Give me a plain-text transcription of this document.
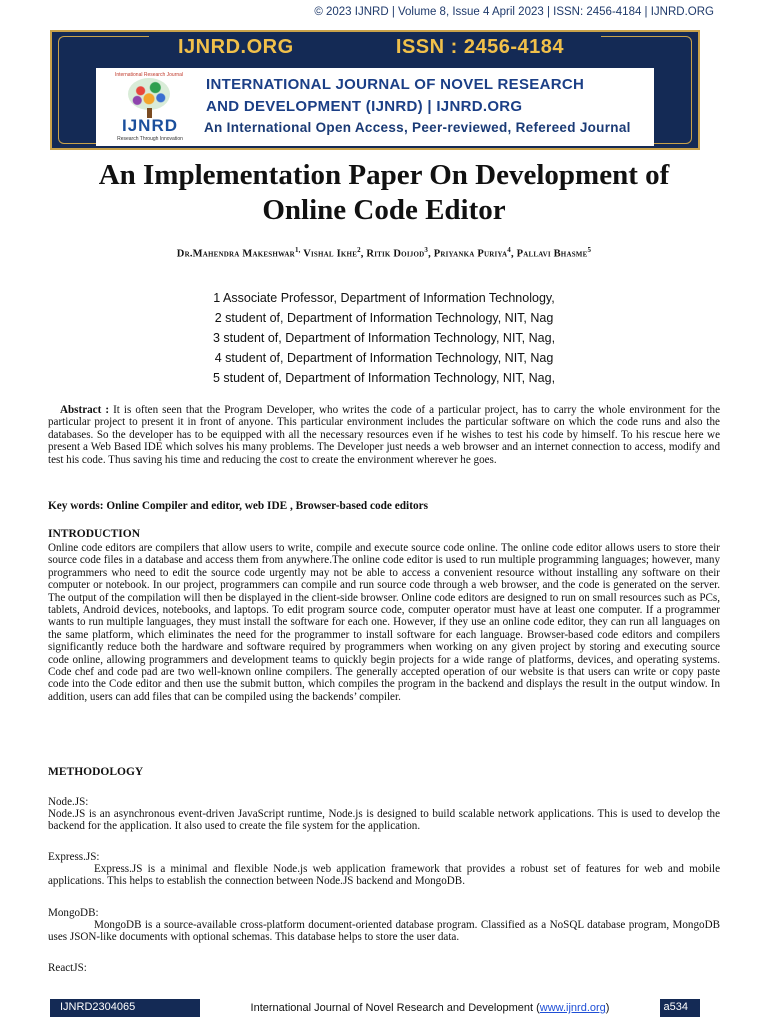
© 2023 IJNRD | Volume 8, Issue 4 April 2023 | ISSN: 2456-4184 | IJNRD.ORG
IJNRD.ORG	ISSN : 2456-4184
International Research Journal
IJNRD
Research Through Innovation
INTERNATIONAL JOURNAL OF NOVEL RESEARCH
AND DEVELOPMENT (IJNRD) | IJNRD.ORG
An International Open Access, Peer-reviewed, Refereed Journal
An Implementation Paper On Development of
Online Code Editor
Dr.Mahendra Makeshwar$^{1,}$ Vishal Ikhe$^2$, Ritik Doijod$^3$, Priyanka Puriya$^4$, Pallavi Bhasme$^5$
1 Associate Professor, Department of Information Technology,
2 student of, Department of Information Technology, NIT, Nag
3 student of, Department of Information Technology, NIT, Nag,
4 student of, Department of Information Technology, NIT, Nag
5 student of, Department of Information Technology, NIT, Nag,
Abstract : It is often seen that the Program Developer, who writes the code of a particular project, has to carry the whole environment for the particular project to present it in front of anyone. This particular environment includes the particular software on which the code runs and also the databases. So the developer has to be equipped with all the necessary resources even if he wishes to test his code by himself. To his rescue here we present a Web Based IDE which solves his many problems. The Developer just needs a web browser and an internet connection to access, modify and test his code. Thus saving his time and reducing the cost to create the environment wherever he goes.
Key words: Online Compiler and editor, web IDE , Browser-based code editors
INTRODUCTION
Online code editors are compilers that allow users to write, compile and execute source code online. The online code editor allows users to store their source code files in a database and access them from anywhere.The online code editor is used to run multiple programming languages; however, many programmers who need to edit the source code urgently may not be able to access a convenient resource without installing any software on their computer or notebook. In our project, programmers can compile and run source code through a web browser, and the code is generated on the server. The output of the compilation will then be displayed in the client-side browser. Online code editors are designed to run on small resources such as PCs, tablets, Android devices, notebooks, and laptops. To edit program source code, computer operator must have at least one computer. If a programmer wants to run multiple languages, they must install the software for each one. However, if they use an online code editor, they can run all languages on the same platform, which eliminates the need for the programmer to install software for each language. Browser-based code editors and compilers significantly reduce both the hardware and software required by programmers when working on any given project by storing and executing source code online, allowing programmers and development teams to quickly begin projects for a wide range of platforms, devices, and operating systems. Code chef and code pad are two well-known online compilers. The generally accepted operation of our website is that users can write or copy paste code into the Code editor and then use the submit button, which compiles the program in the backend and displays the result in the output window. In addition, users can add files that can be compiled using the backends’ compiler.
METHODOLOGY
Node.JS:
Node.JS is an asynchronous event-driven JavaScript runtime, Node.js is designed to build scalable network applications. This is used to develop the backend for the application. It also used to create the file system for the application.
Express.JS:
Express.JS is a minimal and flexible Node.js web application framework that provides a robust set of features for web and mobile applications. This helps to establish the connection between Node.JS backend and MongoDB.
MongoDB:
MongoDB is a source-available cross-platform document-oriented database program. Classified as a NoSQL database program, MongoDB uses JSON-like documents with optional schemas. This database helps to store the user data.
ReactJS:
IJNRD2304065	International Journal of Novel Research and Development (www.ijnrd.org)	a534
